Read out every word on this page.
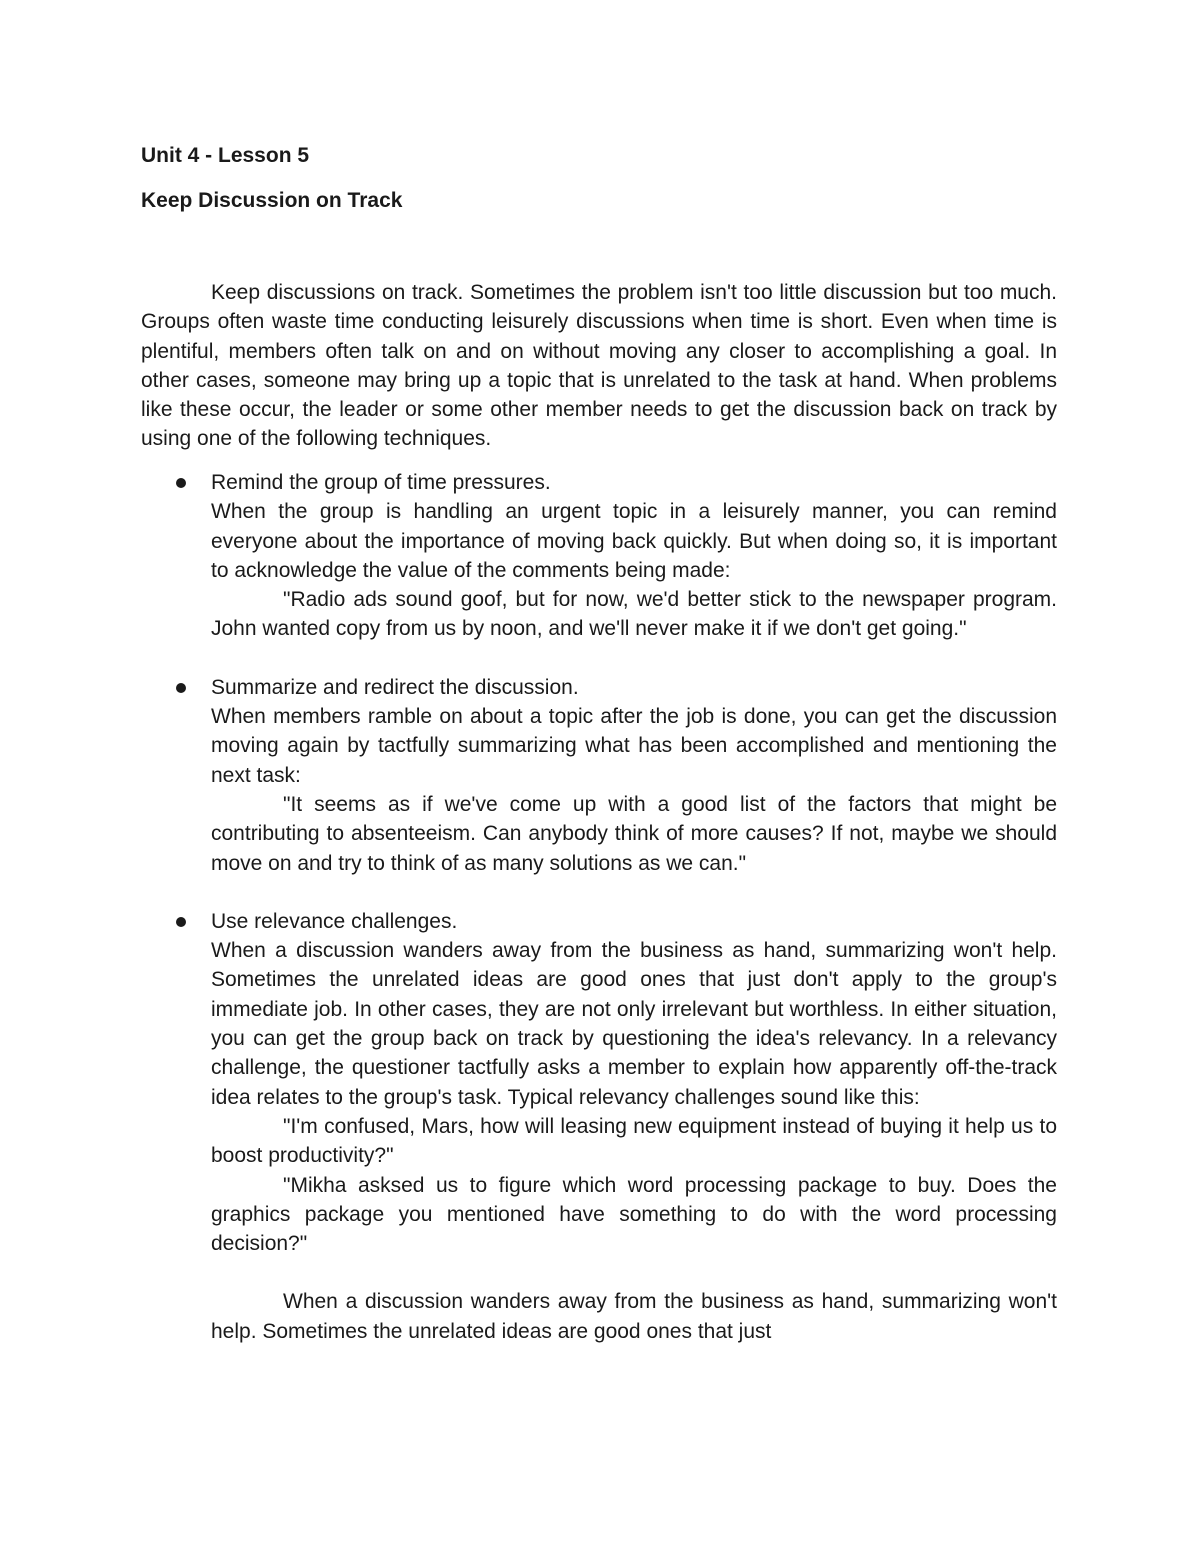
Unit 4 - Lesson 5
Keep Discussion on Track

Keep discussions on track. Sometimes the problem isn't too little discussion but too much. Groups often waste time conducting leisurely discussions when time is short. Even when time is plentiful, members often talk on and on without moving any closer to accomplishing a goal. In other cases, someone may bring up a topic that is unrelated to the task at hand. When problems like these occur, the leader or some other member needs to get the discussion back on track by using one of the following techniques.

Remind the group of time pressures.

When the group is handling an urgent topic in a leisurely manner, you can remind everyone about the importance of moving back quickly. But when doing so, it is important to acknowledge the value of the comments being made:

"Radio ads sound goof, but for now, we'd better stick to the newspaper program. John wanted copy from us by noon, and we'll never make it if we don't get going."

Summarize and redirect the discussion.

When members ramble on about a topic after the job is done, you can get the discussion moving again by tactfully summarizing what has been accomplished and mentioning the next task:

"It seems as if we've come up with a good list of the factors that might be contributing to absenteeism. Can anybody think of more causes? If not, maybe we should move on and try to think of as many solutions as we can."

Use relevance challenges.

When a discussion wanders away from the business as hand, summarizing won't help. Sometimes the unrelated ideas are good ones that just don't apply to the group's immediate job. In other cases, they are not only irrelevant but worthless. In either situation, you can get the group back on track by questioning the idea's relevancy. In a relevancy challenge, the questioner tactfully asks a member to explain how apparently off-the-track idea relates to the group's task. Typical relevancy challenges sound like this:

"I'm confused, Mars, how will leasing new equipment instead of buying it help us to boost productivity?"

"Mikha asksed us to figure which word processing package to buy. Does the graphics package you mentioned have something to do with the word processing decision?"

When a discussion wanders away from the business as hand, summarizing won't help. Sometimes the unrelated ideas are good ones that just
